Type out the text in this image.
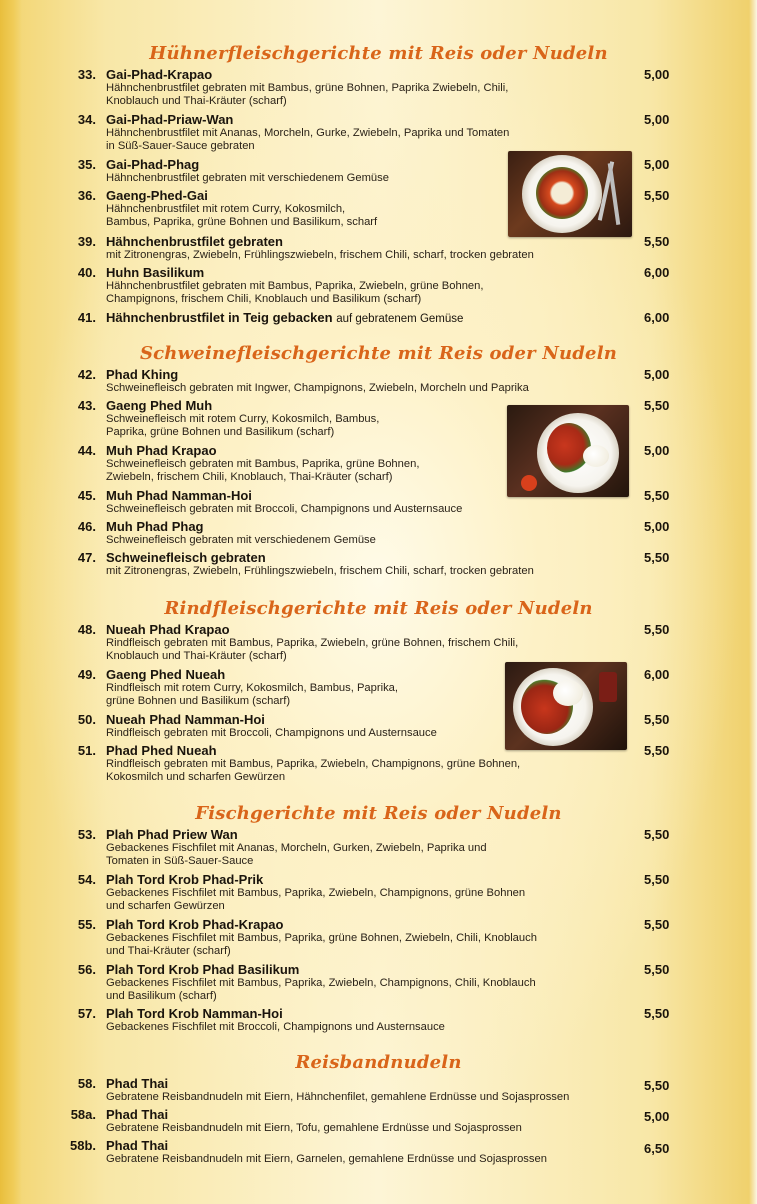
Hühnerfleischgerichte mit Reis oder Nudeln
33. Gai-Phad-Krapao
Hähnchenbrustfilet gebraten mit Bambus, grüne Bohnen, Paprika Zwiebeln, Chili,
Knoblauch und Thai-Kräuter (scharf)
5,00
34. Gai-Phad-Priaw-Wan
Hähnchenbrustfilet mit Ananas, Morcheln, Gurke, Zwiebeln, Paprika und Tomaten
in Süß-Sauer-Sauce gebraten
5,00
35. Gai-Phad-Phag
Hähnchenbrustfilet gebraten mit verschiedenem Gemüse
5,00
36. Gaeng-Phed-Gai
Hähnchenbrustfilet mit rotem Curry, Kokosmilch,
Bambus, Paprika, grüne Bohnen und Basilikum, scharf
5,50
39. Hähnchenbrustfilet gebraten
mit Zitronengras, Zwiebeln, Frühlingszwiebeln, frischem Chili, scharf, trocken gebraten
5,50
40. Huhn Basilikum
Hähnchenbrustfilet gebraten mit Bambus, Paprika, Zwiebeln, grüne Bohnen,
Champignons, frischem Chili, Knoblauch und Basilikum (scharf)
6,00
41. Hähnchenbrustfilet in Teig gebacken auf gebratenem Gemüse	6,00
Schweinefleischgerichte mit Reis oder Nudeln
42. Phad Khing
Schweinefleisch gebraten mit Ingwer, Champignons, Zwiebeln, Morcheln und Paprika
5,00
43. Gaeng Phed Muh
Schweinefleisch mit rotem Curry, Kokosmilch, Bambus,
Paprika, grüne Bohnen und Basilikum (scharf)
5,50
44. Muh Phad Krapao
Schweinefleisch gebraten mit Bambus, Paprika, grüne Bohnen,
Zwiebeln, frischem Chili, Knoblauch, Thai-Kräuter (scharf)
5,00
45. Muh Phad Namman-Hoi
Schweinefleisch gebraten mit Broccoli, Champignons und Austernsauce
5,50
46. Muh Phad Phag
Schweinefleisch gebraten mit verschiedenem Gemüse
5,00
47. Schweinefleisch gebraten
mit Zitronengras, Zwiebeln, Frühlingszwiebeln, frischem Chili, scharf, trocken gebraten
5,50
Rindfleischgerichte mit Reis oder Nudeln
48. Nueah Phad Krapao
Rindfleisch gebraten mit Bambus, Paprika, Zwiebeln, grüne Bohnen, frischem Chili,
Knoblauch und Thai-Kräuter (scharf)
5,50
49. Gaeng Phed Nueah
Rindfleisch mit rotem Curry, Kokosmilch, Bambus, Paprika,
grüne Bohnen und Basilikum (scharf)
6,00
50. Nueah Phad Namman-Hoi
Rindfleisch gebraten mit Broccoli, Champignons und Austernsauce
5,50
51. Phad Phed Nueah
Rindfleisch gebraten mit Bambus, Paprika, Zwiebeln, Champignons, grüne Bohnen,
Kokosmilch und scharfen Gewürzen
5,50
Fischgerichte mit Reis oder Nudeln
53. Plah Phad Priew Wan
Gebackenes Fischfilet mit Ananas, Morcheln, Gurken, Zwiebeln, Paprika und
Tomaten in Süß-Sauer-Sauce
5,50
54. Plah Tord Krob Phad-Prik
Gebackenes Fischfilet mit Bambus, Paprika, Zwiebeln, Champignons, grüne Bohnen
und scharfen Gewürzen
5,50
55. Plah Tord Krob Phad-Krapao
Gebackenes Fischfilet mit Bambus, Paprika, grüne Bohnen, Zwiebeln, Chili, Knoblauch
und Thai-Kräuter (scharf)
5,50
56. Plah Tord Krob Phad Basilikum
Gebackenes Fischfilet mit Bambus, Paprika, Zwiebeln, Champignons, Chili, Knoblauch
und Basilikum (scharf)
5,50
57. Plah Tord Krob Namman-Hoi
Gebackenes Fischfilet mit Broccoli, Champignons und Austernsauce
5,50
Reisbandnudeln
58. Phad Thai
Gebratene Reisbandnudeln mit Eiern, Hähnchenfilet, gemahlene Erdnüsse und Sojasprossen
5,50
58a. Phad Thai
Gebratene Reisbandnudeln mit Eiern, Tofu, gemahlene Erdnüsse und Sojasprossen
5,00
58b. Phad Thai
Gebratene Reisbandnudeln mit Eiern, Garnelen, gemahlene Erdnüsse und Sojasprossen
6,50
